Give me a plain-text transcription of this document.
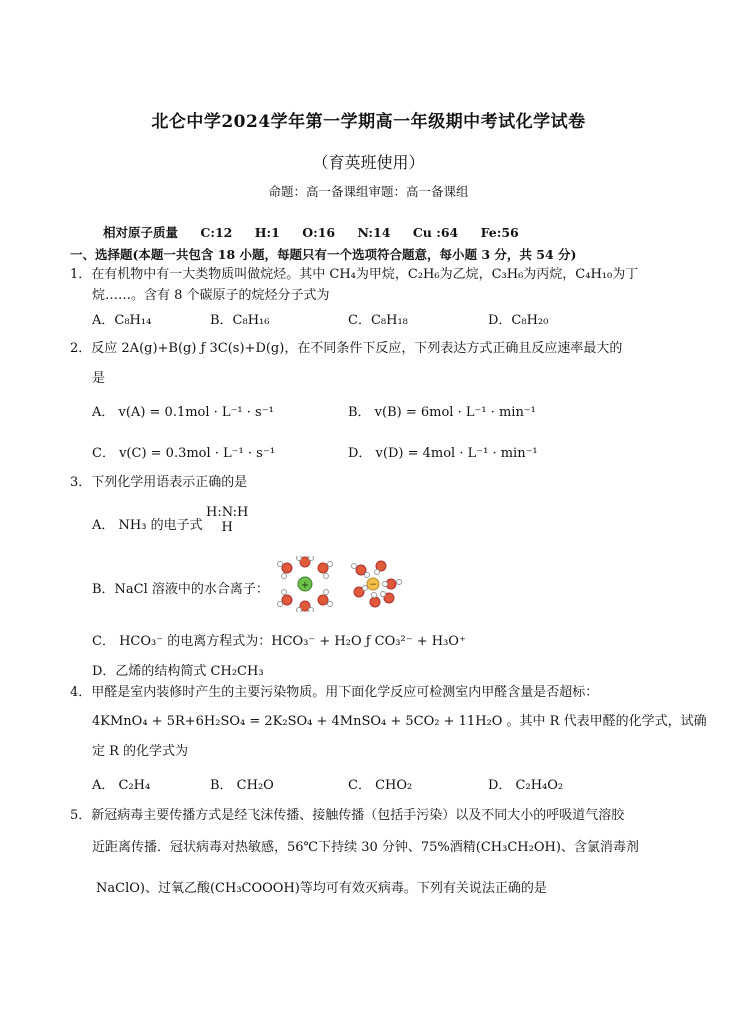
北仑中学2024学年第一学期高一年级期中考试化学试卷
（育英班使用）
命题：高一备课组审题：高一备课组
相对原子质量 C:12 H:1 O:16 N:14 Cu :64 Fe:56
一、选择题(本题一共包含 18 小题，每题只有一个选项符合题意，每小题 3 分，共 54 分)
1．在有机物中有一大类物质叫做烷烃。其中 CH₄为甲烷，C₂H₆为乙烷，C₃H₆为丙烷，C₄H₁₀为丁
烷……。含有 8 个碳原子的烷烃分子式为
A．C₈H₁₄	B．C₈H₁₆	C．C₈H₁₈	D．C₈H₂₀
2．反应 2A(g)+B(g) ƒ 3C(s)+D(g)，在不同条件下反应，下列表达方式正确且反应速率最大的
是
A． v(A) = 0.1mol · L⁻¹ · s⁻¹	B． v(B) = 6mol · L⁻¹ · min⁻¹
C． v(C) = 0.3mol · L⁻¹ · s⁻¹	D． v(D) = 4mol · L⁻¹ · min⁻¹
3．下列化学用语表示正确的是
A． NH₃ 的电子式
H:N:H
H
B．NaCl 溶液中的水合离子：	+	−
C． HCO₃⁻ 的电离方程式为：HCO₃⁻ + H₂O ƒ CO₃²⁻ + H₃O⁺
D．乙烯的结构简式 CH₂CH₃
4．甲醛是室内装修时产生的主要污染物质。用下面化学反应可检测室内甲醛含量是否超标：
4KMnO₄ + 5R+6H₂SO₄ = 2K₂SO₄ + 4MnSO₄ + 5CO₂ + 11H₂O 。其中 R 代表甲醛的化学式，试确
定 R 的化学式为
A． C₂H₄	B． CH₂O	C． CHO₂	D． C₂H₄O₂
5．新冠病毒主要传播方式是经飞沫传播、接触传播（包括手污染）以及不同大小的呼吸道气溶胶
近距离传播．冠状病毒对热敏感，56℃下持续 30 分钟、75%酒精(CH₃CH₂OH)、含氯消毒剂
NaClO)、过氧乙酸(CH₃COOOH)等均可有效灭病毒。下列有关说法正确的是
